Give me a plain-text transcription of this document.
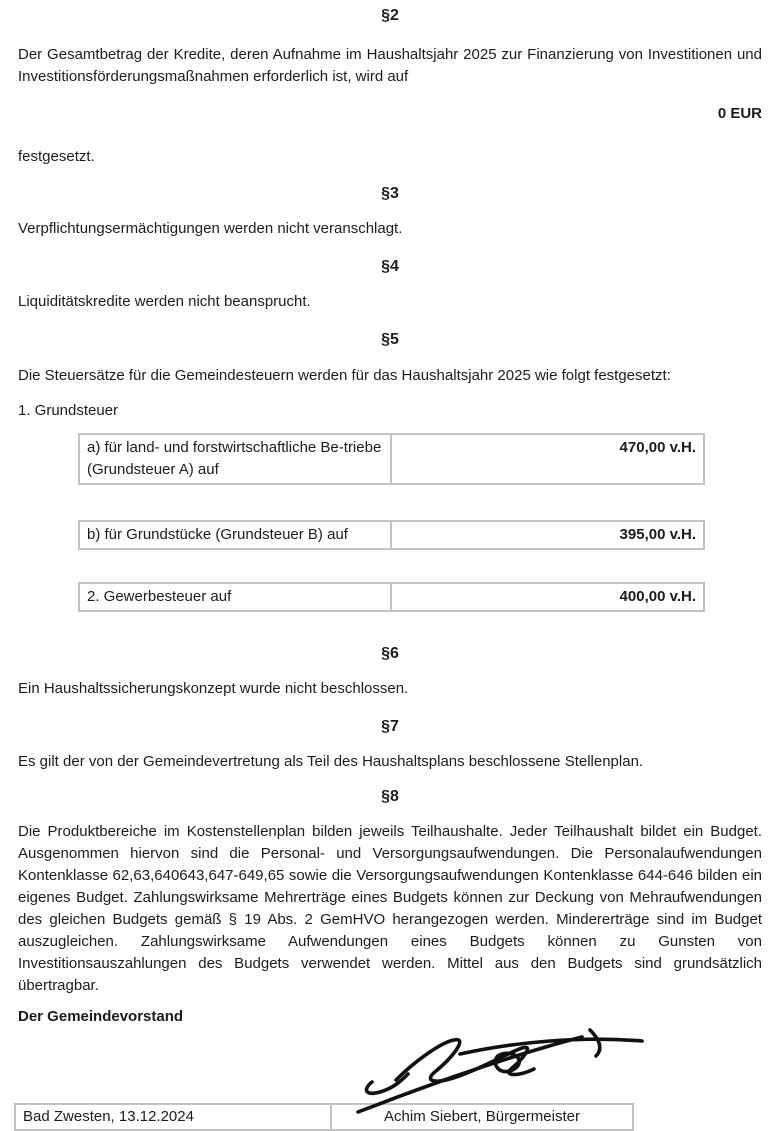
§2

Der Gesamtbetrag der Kredite, deren Aufnahme im Haushaltsjahr 2025 zur Finanzierung von Investitionen und Investitionsförderungsmaßnahmen erforderlich ist, wird auf

0 EUR

festgesetzt.

§3

Verpflichtungsermächtigungen werden nicht veranschlagt.

§4

Liquiditätskredite werden nicht beansprucht.

§5

Die Steuersätze für die Gemeindesteuern werden für das Haushaltsjahr 2025 wie folgt festgesetzt:

1. Grundsteuer

a) für land- und forstwirtschaftliche Be-triebe (Grundsteuer A) auf	470,00 v.H.
b) für Grundstücke (Grundsteuer B) auf	395,00 v.H.
2. Gewerbesteuer auf	400,00 v.H.
§6

Ein Haushaltssicherungskonzept wurde nicht beschlossen.

§7

Es gilt der von der Gemeindevertretung als Teil des Haushaltsplans beschlossene Stellenplan.

§8

Die Produktbereiche im Kostenstellenplan bilden jeweils Teilhaushalte. Jeder Teilhaushalt bildet ein Budget. Ausgenommen hiervon sind die Personal- und Versorgungsaufwendungen. Die Personalaufwendungen Kontenklasse 62,63,640643,647-649,65 sowie die Versorgungsaufwendungen Kontenklasse 644-646 bilden ein eigenes Budget. Zahlungswirksame Mehrerträge eines Budgets können zur Deckung von Mehraufwendungen des gleichen Budgets gemäß § 19 Abs. 2 GemHVO herangezogen werden. Mindererträge sind im Budget auszugleichen. Zahlungswirksame Aufwendungen eines Budgets können zu Gunsten von Investitionsauszahlungen des Budgets verwendet werden. Mittel aus den Budgets sind grundsätzlich übertragbar.

Der Gemeindevorstand

Bad Zwesten, 13.12.2024	Achim Siebert, Bürgermeister
